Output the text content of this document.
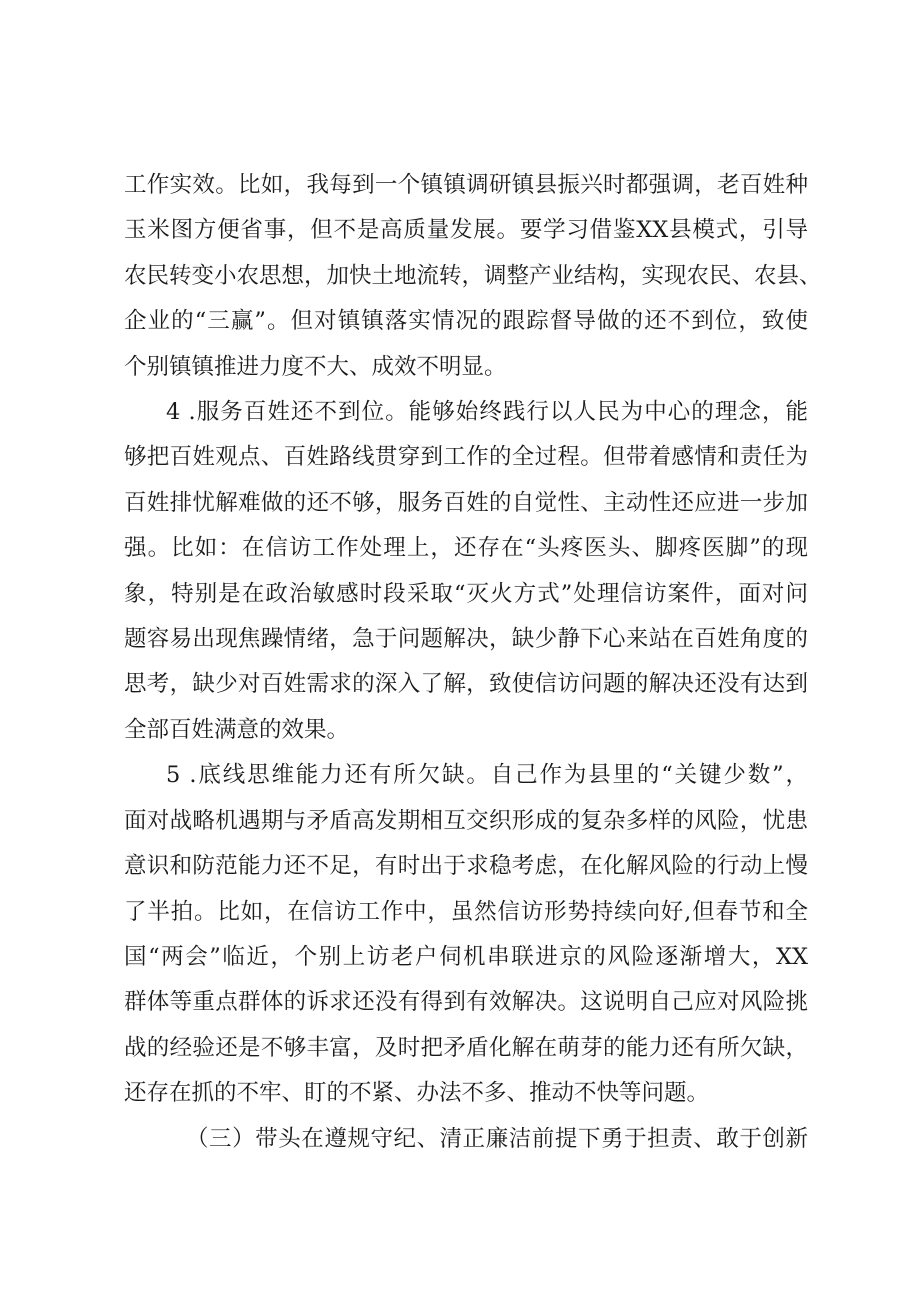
工作实效。比如，我每到一个镇镇调研镇县振兴时都强调，老百姓种
玉米图方便省事，但不是高质量发展。要学习借鉴XX县模式，引导
农民转变小农思想，加快土地流转，调整产业结构，实现农民、农县、
企业的“三赢”。但对镇镇落实情况的跟踪督导做的还不到位，致使
个别镇镇推进力度不大、成效不明显。
4 .服务百姓还不到位。能够始终践行以人民为中心的理念，能
够把百姓观点、百姓路线贯穿到工作的全过程。但带着感情和责任为
百姓排忧解难做的还不够，服务百姓的自觉性、主动性还应进一步加
强。比如：在信访工作处理上，还存在“头疼医头、脚疼医脚”的现
象，特别是在政治敏感时段采取“灭火方式”处理信访案件，面对问
题容易出现焦躁情绪，急于问题解决，缺少静下心来站在百姓角度的
思考，缺少对百姓需求的深入了解，致使信访问题的解决还没有达到
全部百姓满意的效果。
5 .底线思维能力还有所欠缺。自己作为县里的“关键少数”，
面对战略机遇期与矛盾高发期相互交织形成的复杂多样的风险，忧患
意识和防范能力还不足，有时出于求稳考虑，在化解风险的行动上慢
了半拍。比如，在信访工作中，虽然信访形势持续向好,但春节和全
国“两会”临近，个别上访老户伺机串联进京的风险逐渐增大，XX
群体等重点群体的诉求还没有得到有效解决。这说明自己应对风险挑
战的经验还是不够丰富，及时把矛盾化解在萌芽的能力还有所欠缺，
还存在抓的不牢、盯的不紧、办法不多、推动不快等问题。
（三）带头在遵规守纪、清正廉洁前提下勇于担责、敢于创新
